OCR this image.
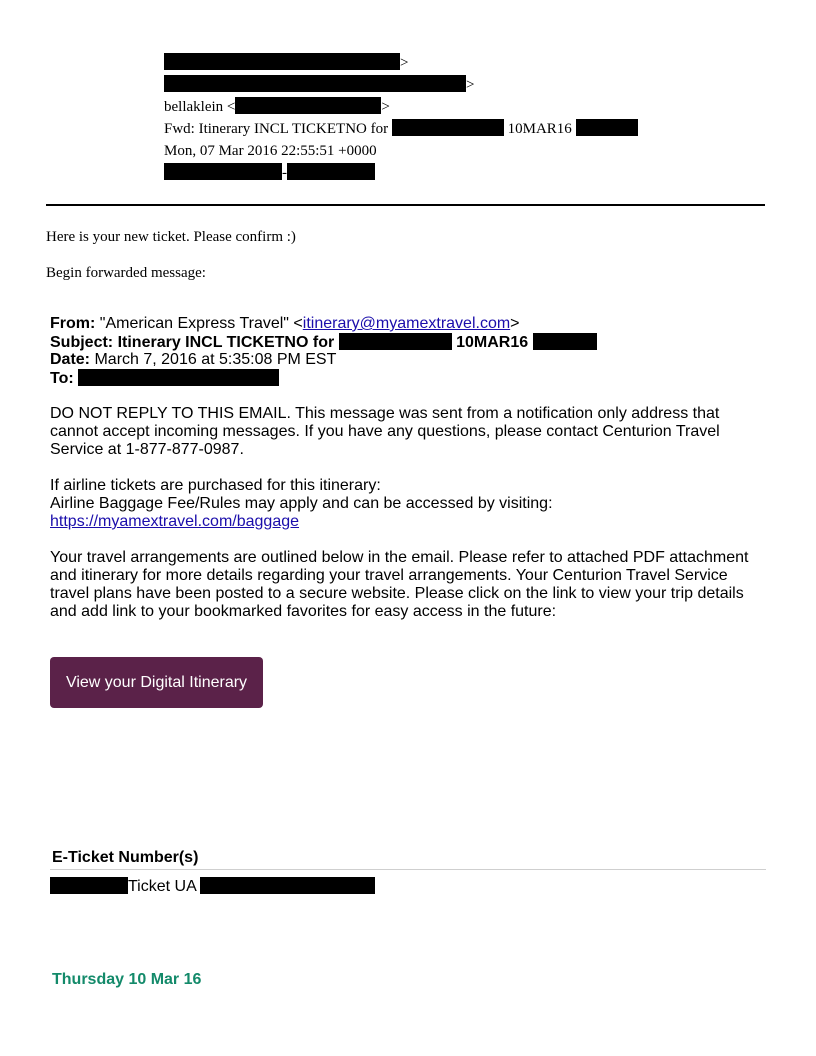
>
>
bellaklein <	>
Fwd: Itinerary INCL TICKETNO for	10MAR16
Mon, 07 Mar 2016 22:55:51 +0000
-
Here is your new ticket. Please confirm :)
Begin forwarded message:
From: "American Express Travel" <itinerary@myamextravel.com>
Subject: Itinerary INCL TICKETNO for	10MAR16
Date: March 7, 2016 at 5:35:08 PM EST
To:
DO NOT REPLY TO THIS EMAIL. This message was sent from a notification only address that cannot accept incoming messages. If you have any questions, please contact Centurion Travel Service at 1-877-877-0987.
If airline tickets are purchased for this itinerary:
Airline Baggage Fee/Rules may apply and can be accessed by visiting:
https://myamextravel.com/baggage
Your travel arrangements are outlined below in the email. Please refer to attached PDF attachment and itinerary for more details regarding your travel arrangements. Your Centurion Travel Service travel plans have been posted to a secure website. Please click on the link to view your trip details and add link to your bookmarked favorites for easy access in the future:
View your Digital Itinerary
E-Ticket Number(s)
Ticket UA
Thursday 10 Mar 16
